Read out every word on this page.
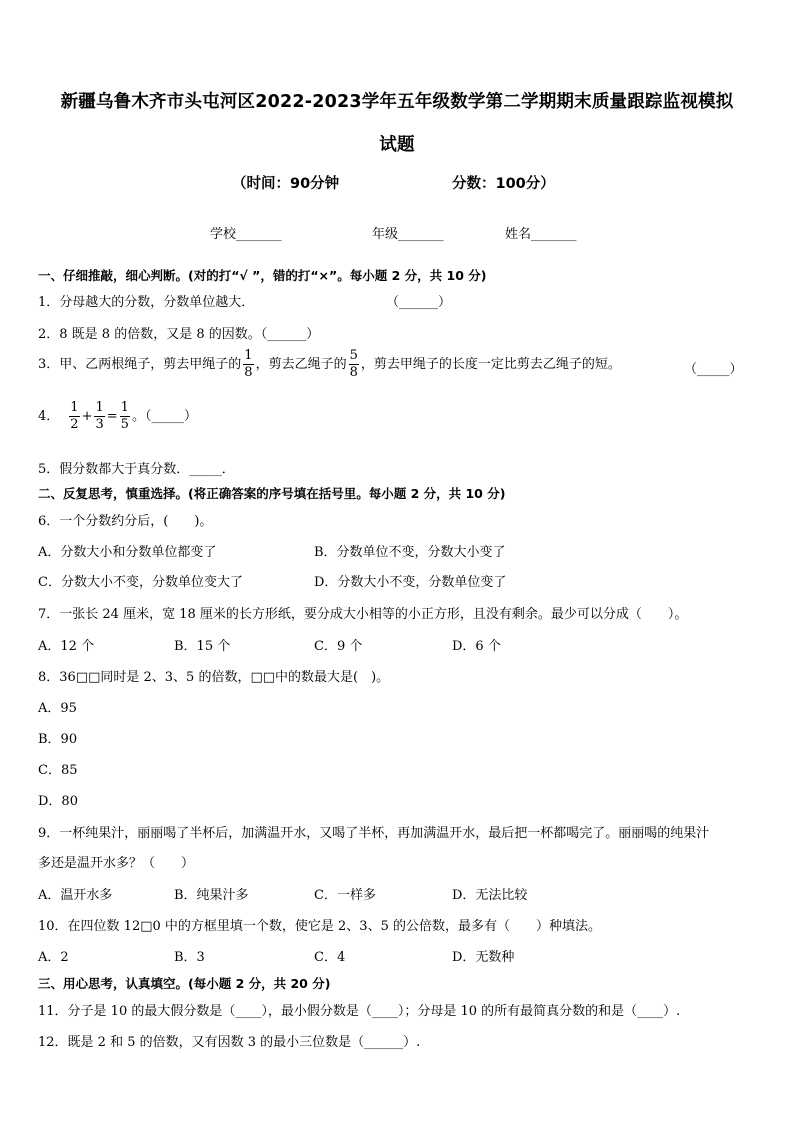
新疆乌鲁木齐市头屯河区2022-2023学年五年级数学第二学期期末质量跟踪监视模拟
试题
（时间：90分钟	分数：100分）
学校_______	年级_______	姓名_______
一、仔细推敲，细心判断。(对的打“√ ”，错的打“×”。每小题 2 分，共 10 分)
1．分母越大的分数，分数单位越大．	（______）
2．8 既是 8 的倍数，又是 8 的因数。（______）
3．甲、乙两根绳子，剪去甲绳子的 $\frac{1}{8}$ ，剪去乙绳子的 $\frac{5}{8}$ ，剪去甲绳子的长度一定比剪去乙绳子的短。	（_____）
4． $\frac{1}{2} + \frac{1}{3} = \frac{1}{5}$ 。（_____）
5．假分数都大于真分数．_____．
二、反复思考，慎重选择。(将正确答案的序号填在括号里。每小题 2 分，共 10 分)
6．一个分数约分后，(　　)。
A．分数大小和分数单位都变了	B．分数单位不变，分数大小变了
C．分数大小不变，分数单位变大了	D．分数大小不变，分数单位变了
7．一张长 24 厘米，宽 18 厘米的长方形纸，要分成大小相等的小正方形，且没有剩余。最少可以分成（　　）。
A．12 个	B．15 个	C．9 个	D．6 个
8．36□□同时是 2、3、5 的倍数，□□中的数最大是(　)。
A．95
B．90
C．85
D．80
9．一杯纯果汁，丽丽喝了半杯后，加满温开水，又喝了半杯，再加满温开水，最后把一杯都喝完了。丽丽喝的纯果汁
多还是温开水多？（　　）
A．温开水多	B．纯果汁多	C．一样多	D．无法比较
10．在四位数 12□0 中的方框里填一个数，使它是 2、3、5 的公倍数，最多有（　　）种填法。
A．2	B．3	C．4	D．无数种
三、用心思考，认真填空。(每小题 2 分，共 20 分)
11．分子是 10 的最大假分数是（____），最小假分数是（____）；分母是 10 的所有最简真分数的和是（____）.
12．既是 2 和 5 的倍数，又有因数 3 的最小三位数是（______）.
